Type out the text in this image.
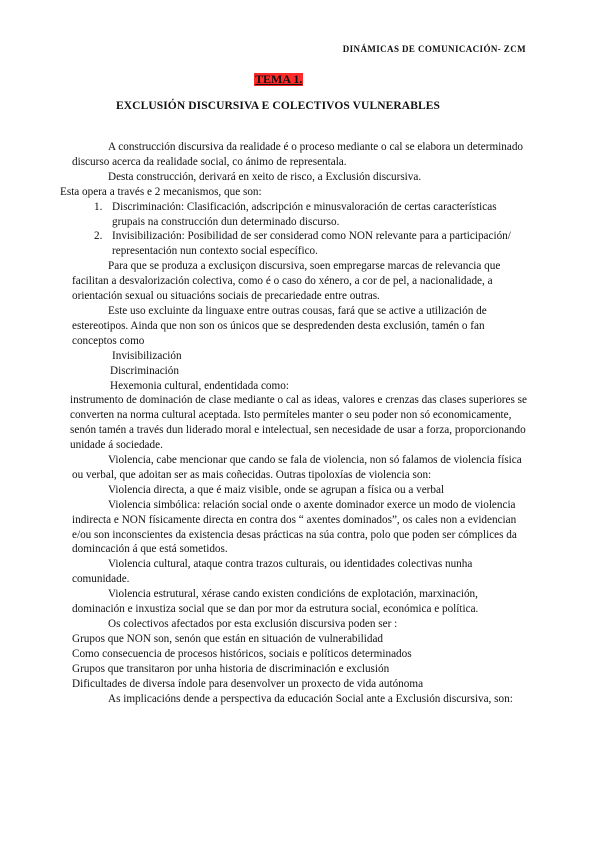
DINÁMICAS DE COMUNICACIÓN- ZCM
TEMA 1.
EXCLUSIÓN DISCURSIVA E COLECTIVOS VULNERABLES

A construcción discursiva da realidade é o proceso mediante o cal se elabora un determinado discurso acerca da realidade social, co ánimo de representala.

Desta construcción, derivará en xeito de risco, a Exclusión discursiva.

Esta opera a través e 2 mecanismos, que son:

1. Discriminación: Clasificación, adscripción e minusvaloración de certas características grupais na construcción dun determinado discurso.
2. Invisibilización: Posibilidad de ser considerad como NON relevante para a participación/ representación nun contexto social específico.

Para que se produza a exclusiçon discursiva, soen empregarse marcas de relevancia que facilitan a desvalorización colectiva, como é o caso do xénero, a cor de pel, a nacionalidade, a orientación sexual ou situacións sociais de precariedade entre outras.

Este uso excluinte da linguaxe entre outras cousas, fará que se active a utilización de estereotipos. Ainda que non son os únicos que se despredenden desta exclusión, tamén o fan conceptos como

Invisibilización

Discriminación

Hexemonia cultural, endentidada como:

instrumento de dominación de clase mediante o cal as ideas, valores e crenzas das clases superiores se converten na norma cultural aceptada. Isto permíteles manter o seu poder non só economicamente, senón tamén a través dun liderado moral e intelectual, sen necesidade de usar a forza, proporcionando unidade á sociedade.

Violencia, cabe mencionar que cando se fala de violencia, non só falamos de violencia física ou verbal, que adoitan ser as mais coñecidas. Outras tipoloxías de violencia son:

Violencia directa, a que é maiz visible, onde se agrupan a física ou a verbal

Violencia simbólica: relación social onde o axente dominador exerce un modo de violencia indirecta e NON físicamente directa en contra dos “ axentes dominados”, os cales non a evidencian e/ou son inconscientes da existencia desas prácticas na súa contra, polo que poden ser cómplices da domincación á que está sometidos.

Violencia cultural, ataque contra trazos culturais, ou identidades colectivas nunha comunidade.

Violencia estrutural, xérase cando existen condicións de explotación, marxinación, dominación e inxustiza social que se dan por mor da estrutura social, económica e política.

Os colectivos afectados por esta exclusión discursiva poden ser :

Grupos que NON son, senón que están en situación de vulnerabilidad

Como consecuencia de procesos históricos, sociais e políticos determinados

Grupos que transitaron por unha historia de discriminación e exclusión

Dificultades de diversa índole para desenvolver un proxecto de vida autónoma

As implicacións dende a perspectiva da educación Social ante a Exclusión discursiva, son:
